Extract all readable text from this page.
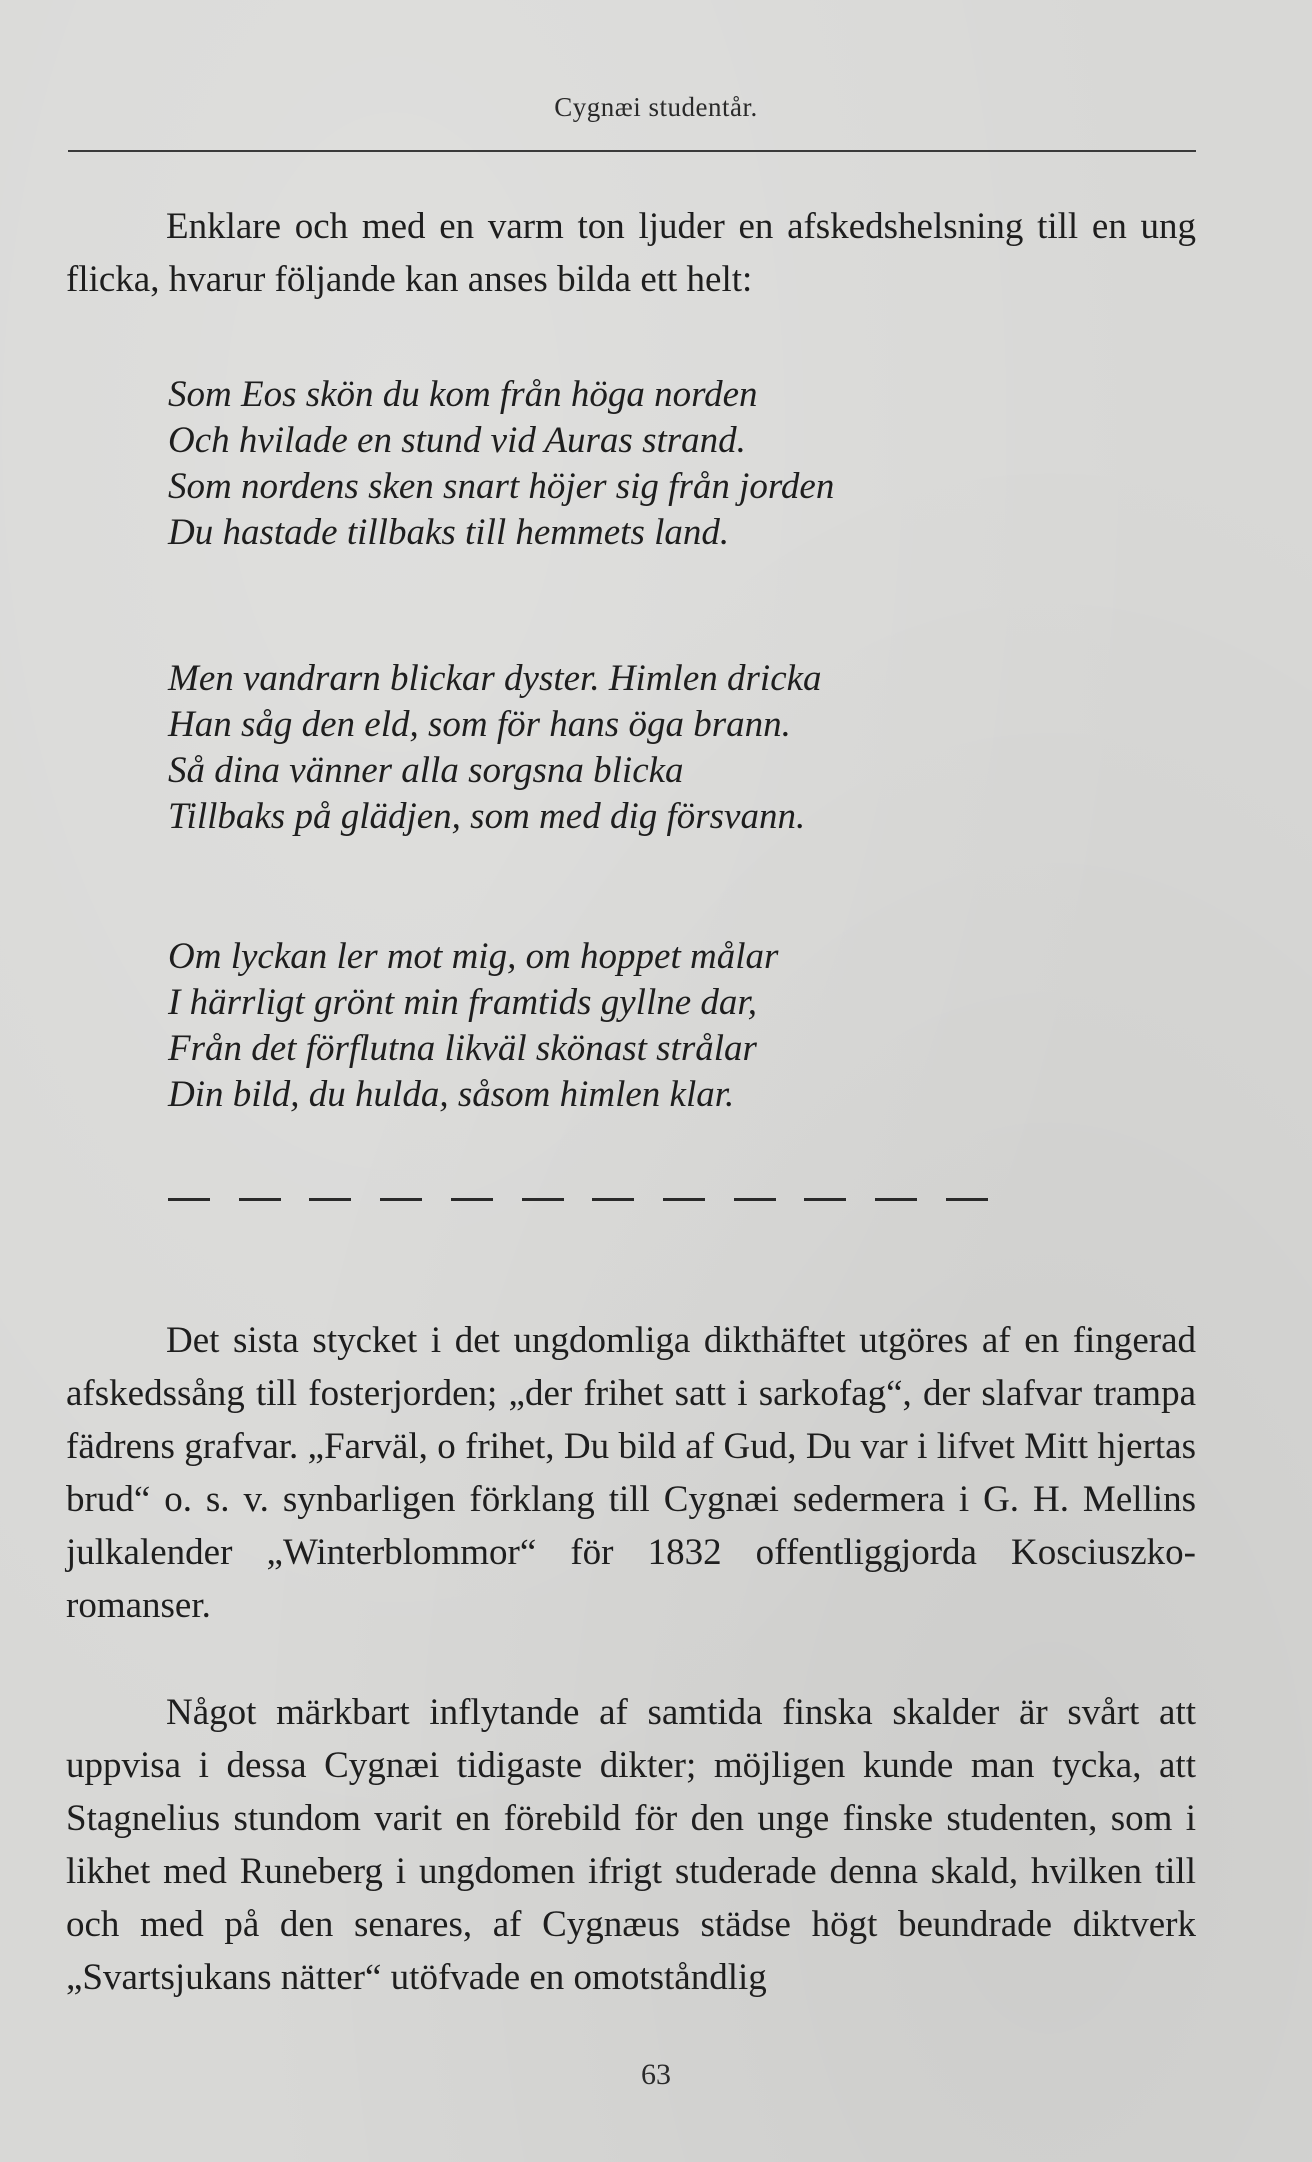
Cygnæi studentår.
Enklare och med en varm ton ljuder en afskedshelsning till en ung flicka, hvarur följande kan anses bilda ett helt:
Som Eos skön du kom från höga norden
Och hvilade en stund vid Auras strand.
Som nordens sken snart höjer sig från jorden
Du hastade tillbaks till hemmets land.
Men vandrarn blickar dyster. Himlen dricka
Han såg den eld, som för hans öga brann.
Så dina vänner alla sorgsna blicka
Tillbaks på glädjen, som med dig försvann.
Om lyckan ler mot mig, om hoppet målar
I härrligt grönt min framtids gyllne dar,
Från det förflutna likväl skönast strålar
Din bild, du hulda, såsom himlen klar.
Det sista stycket i det ungdomliga dikthäftet utgöres af en fingerad afskedssång till fosterjorden; „der frihet satt i sarkofag“, der slafvar trampa fädrens grafvar. „Farväl, o frihet, Du bild af Gud, Du var i lifvet Mitt hjertas brud“ o. s. v. synbarligen förklang till Cygnæi sedermera i G. H. Mellins julkalender „Winterblommor“ för 1832 offentliggjorda Kosciuszko-romanser.
Något märkbart inflytande af samtida finska skalder är svårt att uppvisa i dessa Cygnæi tidigaste dikter; möjligen kunde man tycka, att Stagnelius stundom varit en förebild för den unge finske studenten, som i likhet med Runeberg i ungdomen ifrigt studerade denna skald, hvilken till och med på den senares, af Cygnæus städse högt beundrade diktverk „Svartsjukans nätter“ utöfvade en omotståndlig
63
